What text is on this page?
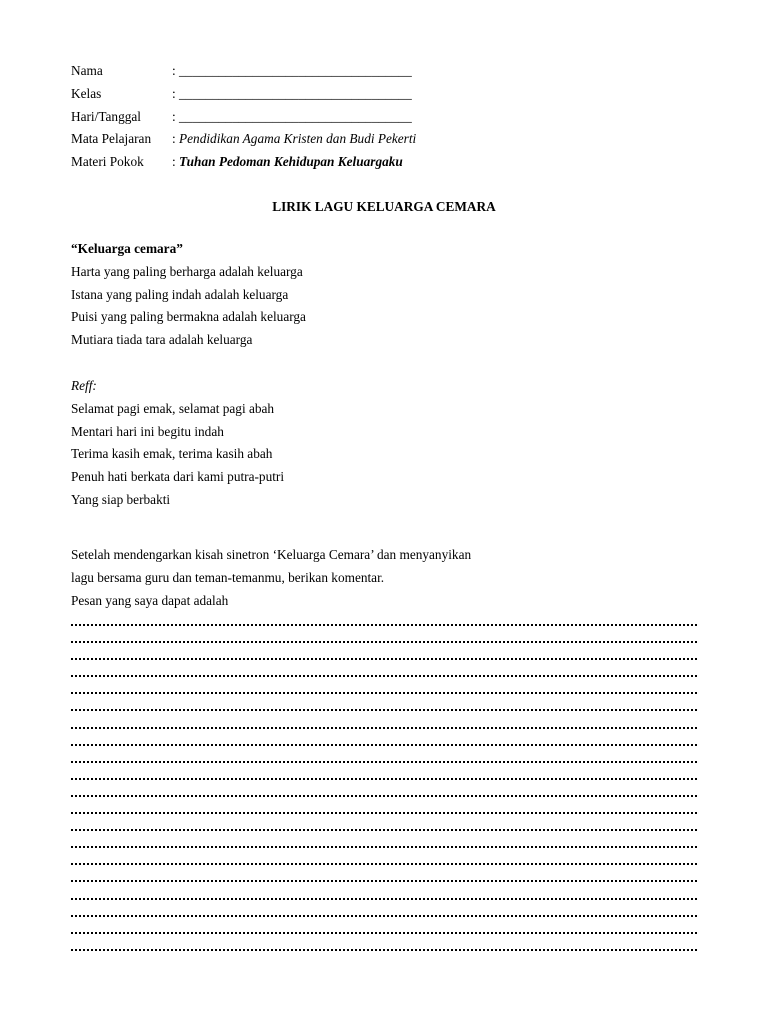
Nama	: ___________________________________
Kelas	: ___________________________________
Hari/Tanggal : ___________________________________
Mata Pelajaran : Pendidikan Agama Kristen dan Budi Pekerti
Materi Pokok : Tuhan Pedoman Kehidupan Keluargaku
LIRIK LAGU KELUARGA CEMARA
“Keluarga cemara”
Harta yang paling berharga adalah keluarga
Istana yang paling indah adalah keluarga
Puisi yang paling bermakna adalah keluarga
Mutiara tiada tara adalah keluarga
Reff:
Selamat pagi emak, selamat pagi abah
Mentari hari ini begitu indah
Terima kasih emak, terima kasih abah
Penuh hati berkata dari kami putra-putri
Yang siap berbakti
Setelah mendengarkan kisah sinetron ‘Keluarga Cemara’ dan menyanyikan
lagu bersama guru dan teman-temanmu, berikan komentar.
Pesan yang saya dapat adalah
